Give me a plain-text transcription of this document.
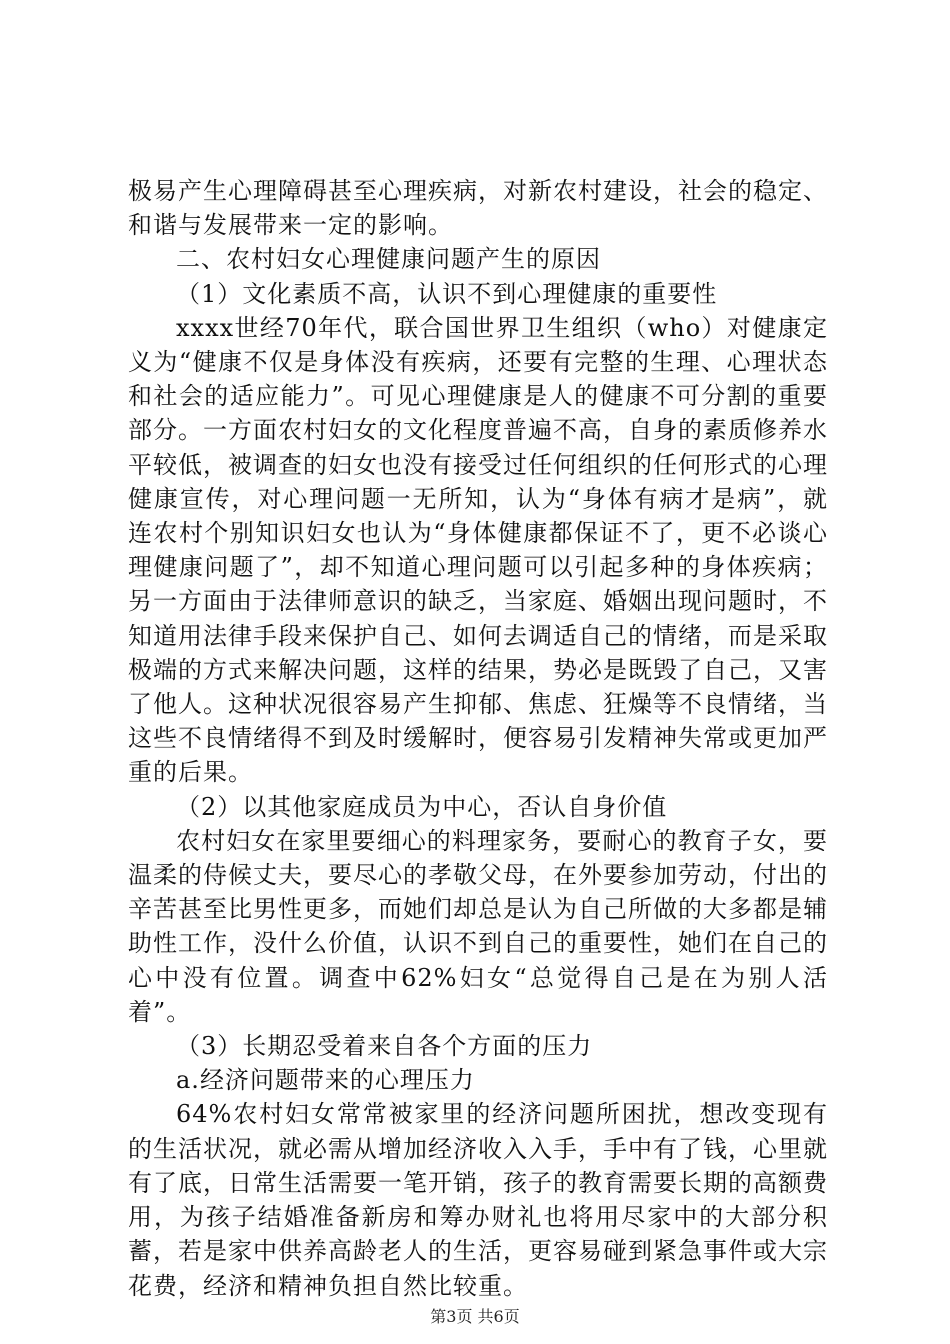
极易产生心理障碍甚至心理疾病，对新农村建设，社会的稳定、和谐与发展带来一定的影响。

二、农村妇女心理健康问题产生的原因

（1）文化素质不高，认识不到心理健康的重要性

xxxx世经70年代，联合国世界卫生组织（who）对健康定义为“健康不仅是身体没有疾病，还要有完整的生理、心理状态和社会的适应能力”。可见心理健康是人的健康不可分割的重要部分。一方面农村妇女的文化程度普遍不高，自身的素质修养水平较低，被调查的妇女也没有接受过任何组织的任何形式的心理健康宣传，对心理问题一无所知，认为“身体有病才是病”，就连农村个别知识妇女也认为“身体健康都保证不了，更不必谈心理健康问题了”，却不知道心理问题可以引起多种的身体疾病；另一方面由于法律师意识的缺乏，当家庭、婚姻出现问题时，不知道用法律手段来保护自己、如何去调适自己的情绪，而是采取极端的方式来解决问题，这样的结果，势必是既毁了自己，又害了他人。这种状况很容易产生抑郁、焦虑、狂燥等不良情绪，当这些不良情绪得不到及时缓解时，便容易引发精神失常或更加严重的后果。

（2）以其他家庭成员为中心，否认自身价值

农村妇女在家里要细心的料理家务，要耐心的教育子女，要温柔的侍候丈夫，要尽心的孝敬父母，在外要参加劳动，付出的辛苦甚至比男性更多，而她们却总是认为自己所做的大多都是辅助性工作，没什么价值，认识不到自己的重要性，她们在自己的心中没有位置。调查中62%妇女“总觉得自己是在为别人活着”。

（3）长期忍受着来自各个方面的压力

a.经济问题带来的心理压力

64%农村妇女常常被家里的经济问题所困扰，想改变现有的生活状况，就必需从增加经济收入入手，手中有了钱，心里就有了底，日常生活需要一笔开销，孩子的教育需要长期的高额费用，为孩子结婚准备新房和筹办财礼也将用尽家中的大部分积蓄，若是家中供养高龄老人的生活，更容易碰到紧急事件或大宗花费，经济和精神负担自然比较重。

第3页 共6页
